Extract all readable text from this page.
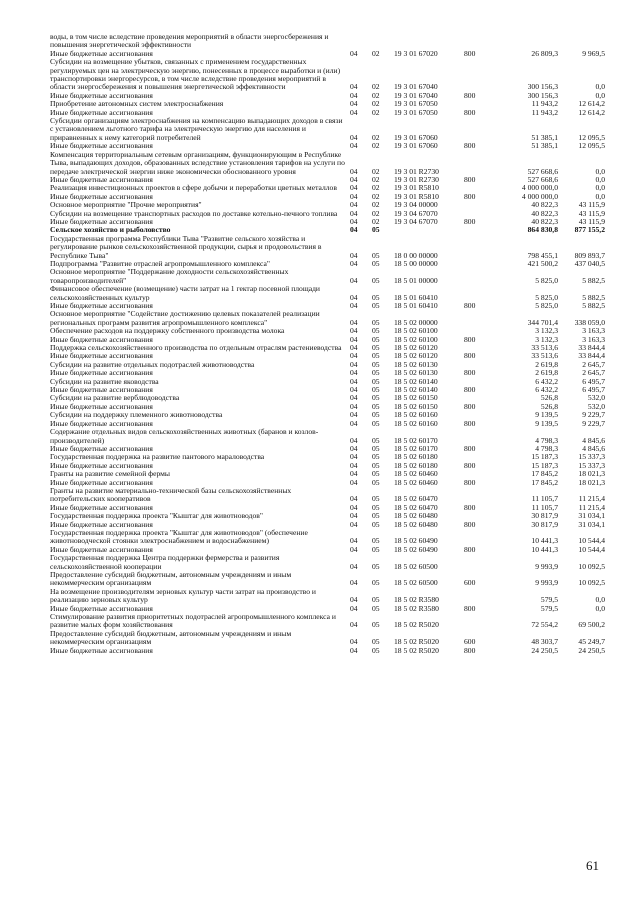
воды, в том числе вследствие проведения мероприятий в области энергосбережения и повышения энергетической эффективности
Иные бюджетные ассигнования	04	02	19 3 01 67020	800	26 809,3	9 969,5
Субсидии на возмещение убытков, связанных с применением государственных регулируемых цен на электрическую энергию, понесенных в процессе выработки и (или) транспортировки энергоресурсов, в том числе вследствие проведения мероприятий в области энергосбережения и повышения энергетической эффективности	04	02	19 3 01 67040	300 156,3	0,0
Иные бюджетные ассигнования	04	02	19 3 01 67040	800	300 156,3	0,0
Приобретение автономных систем электроснабжения	04	02	19 3 01 67050	11 943,2	12 614,2
Иные бюджетные ассигнования	04	02	19 3 01 67050	800	11 943,2	12 614,2
Субсидии организациям электроснабжения на компенсацию выпадающих доходов в связи с установлением льготного тарифа на электрическую энергию для населения и приравненных к нему категорий потребителей	04	02	19 3 01 67060	51 385,1	12 095,5
Иные бюджетные ассигнования	04	02	19 3 01 67060	800	51 385,1	12 095,5
Компенсация территориальным сетевым организациям, функционирующим в Республике Тыва, выпадающих доходов, образованных вследствие установления тарифов на услуги по передаче электрической энергии ниже экономически обоснованного уровня	04	02	19 3 01 R2730	527 668,6	0,0
Иные бюджетные ассигнования	04	02	19 3 01 R2730	800	527 668,6	0,0
Реализация инвестиционных проектов в сфере добычи и переработки цветных металлов	04	02	19 3 01 R5810	4 000 000,0	0,0
Иные бюджетные ассигнования	04	02	19 3 01 R5810	800	4 000 000,0	0,0
Основное мероприятие "Прочие мероприятия"	04	02	19 3 04 00000	40 822,3	43 115,9
Субсидии на возмещение транспортных расходов по доставке котельно-печного топлива	04	02	19 3 04 67070	40 822,3	43 115,9
Иные бюджетные ассигнования	04	02	19 3 04 67070	800	40 822,3	43 115,9
Сельское хозяйство и рыболовство	04	05	864 830,8	877 155,2
Государственная программа Республики Тыва "Развитие сельского хозяйства и регулирование рынков сельскохозяйственной продукции, сырья и продовольствия в Республике Тыва"	04	05	18 0 00 00000	798 455,1	809 893,7
Подпрограмма "Развитие отраслей агропромышленного комплекса"	04	05	18 5 00 00000	421 500,2	437 040,5
Основное мероприятие "Поддержание доходности сельскохозяйственных товаропроизводителей"	04	05	18 5 01 00000	5 825,0	5 882,5
Финансовое обеспечение (возмещение) части затрат на 1 гектар посевной площади сельскохозяйственных культур	04	05	18 5 01 60410	5 825,0	5 882,5
Иные бюджетные ассигнования	04	05	18 5 01 60410	800	5 825,0	5 882,5
Основное мероприятие "Содействие достижению целевых показателей реализации региональных программ развития агропромышленного комплекса"	04	05	18 5 02 00000	344 701,4	338 059,0
Обеспечение расходов на поддержку собственного производства молока	04	05	18 5 02 60100	3 132,3	3 163,3
Иные бюджетные ассигнования	04	05	18 5 02 60100	800	3 132,3	3 163,3
Поддержка сельскохозяйственного производства по отдельным отраслям растениеводства	04	05	18 5 02 60120	33 513,6	33 844,4
Иные бюджетные ассигнования	04	05	18 5 02 60120	800	33 513,6	33 844,4
Субсидии на развитие отдельных подотраслей животноводства	04	05	18 5 02 60130	2 619,8	2 645,7
Иные бюджетные ассигнования	04	05	18 5 02 60130	800	2 619,8	2 645,7
Субсидии на развитие яководства	04	05	18 5 02 60140	6 432,2	6 495,7
Иные бюджетные ассигнования	04	05	18 5 02 60140	800	6 432,2	6 495,7
Субсидии на развитие верблюдоводства	04	05	18 5 02 60150	526,8	532,0
Иные бюджетные ассигнования	04	05	18 5 02 60150	800	526,8	532,0
Субсидии на поддержку племенного животноводства	04	05	18 5 02 60160	9 139,5	9 229,7
Иные бюджетные ассигнования	04	05	18 5 02 60160	800	9 139,5	9 229,7
Содержание отдельных видов сельскохозяйственных животных (баранов и козлов-производителей)	04	05	18 5 02 60170	4 798,3	4 845,6
Иные бюджетные ассигнования	04	05	18 5 02 60170	800	4 798,3	4 845,6
Государственная поддержка на развитие пантового мараловодства	04	05	18 5 02 60180	15 187,3	15 337,3
Иные бюджетные ассигнования	04	05	18 5 02 60180	800	15 187,3	15 337,3
Гранты на развитие семейной фермы	04	05	18 5 02 60460	17 845,2	18 021,3
Иные бюджетные ассигнования	04	05	18 5 02 60460	800	17 845,2	18 021,3
Гранты на развитие материально-технической базы сельскохозяйственных потребительских кооперативов	04	05	18 5 02 60470	11 105,7	11 215,4
Иные бюджетные ассигнования	04	05	18 5 02 60470	800	11 105,7	11 215,4
Государственная поддержка проекта "Кыштаг для животноводов"	04	05	18 5 02 60480	30 817,9	31 034,1
Иные бюджетные ассигнования	04	05	18 5 02 60480	800	30 817,9	31 034,1
Государственная поддержка проекта "Кыштаг для животноводов" (обеспечение животноводческой стоянки электроснабжением и водоснабжением)	04	05	18 5 02 60490	10 441,3	10 544,4
Иные бюджетные ассигнования	04	05	18 5 02 60490	800	10 441,3	10 544,4
Государственная поддержка Центра поддержки фермерства и развития сельскохозяйственной кооперации	04	05	18 5 02 60500	9 993,9	10 092,5
Предоставление субсидий бюджетным, автономным учреждениям и иным некоммерческим организациям	04	05	18 5 02 60500	600	9 993,9	10 092,5
На возмещение производителям зерновых культур части затрат на производство и реализацию зерновых культур	04	05	18 5 02 R3580	579,5	0,0
Иные бюджетные ассигнования	04	05	18 5 02 R3580	800	579,5	0,0
Стимулирование развития приоритетных подотраслей агропромышленного комплекса и развитие малых форм хозяйствования	04	05	18 5 02 R5020	72 554,2	69 500,2
Предоставление субсидий бюджетным, автономным учреждениям и иным некоммерческим организациям	04	05	18 5 02 R5020	600	48 303,7	45 249,7
Иные бюджетные ассигнования	04	05	18 5 02 R5020	800	24 250,5	24 250,5
61
